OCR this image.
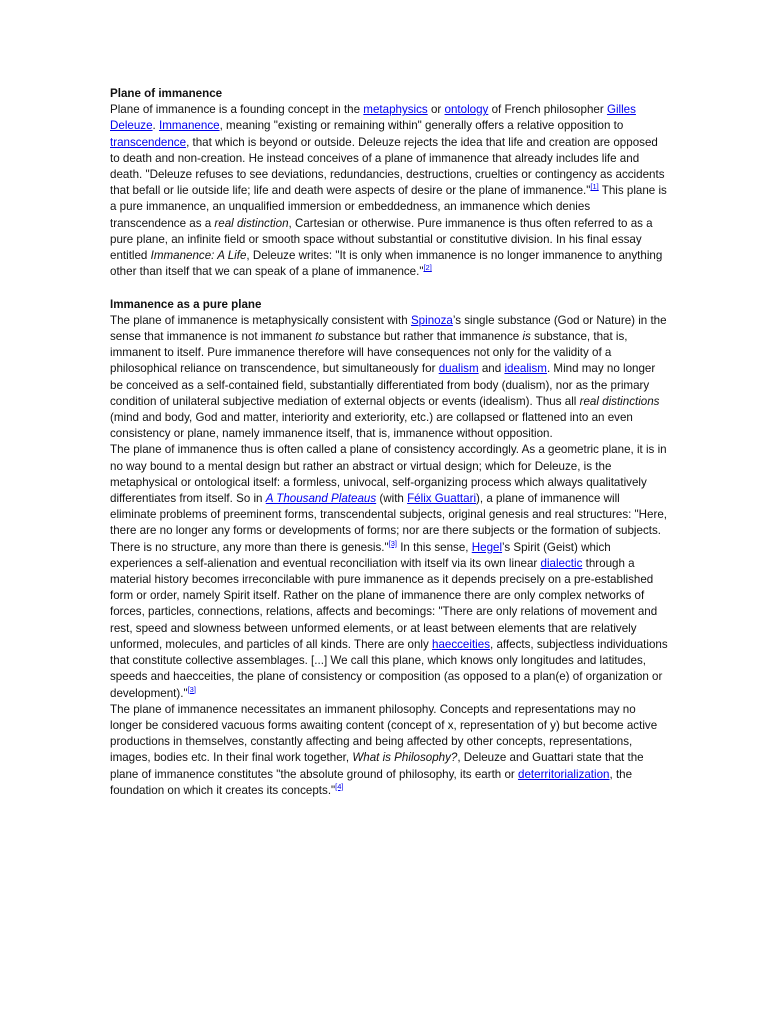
Plane of immanence

Plane of immanence is a founding concept in the metaphysics or ontology of French philosopher Gilles Deleuze. Immanence, meaning "existing or remaining within" generally offers a relative opposition to transcendence, that which is beyond or outside. Deleuze rejects the idea that life and creation are opposed to death and non-creation. He instead conceives of a plane of immanence that already includes life and death. "Deleuze refuses to see deviations, redundancies, destructions, cruelties or contingency as accidents that befall or lie outside life; life and death were aspects of desire or the plane of immanence."[1] This plane is a pure immanence, an unqualified immersion or embeddedness, an immanence which denies transcendence as a real distinction, Cartesian or otherwise. Pure immanence is thus often referred to as a pure plane, an infinite field or smooth space without substantial or constitutive division. In his final essay entitled Immanence: A Life, Deleuze writes: "It is only when immanence is no longer immanence to anything other than itself that we can speak of a plane of immanence."[2]

Immanence as a pure plane

The plane of immanence is metaphysically consistent with Spinoza’s single substance (God or Nature) in the sense that immanence is not immanent to substance but rather that immanence is substance, that is, immanent to itself. Pure immanence therefore will have consequences not only for the validity of a philosophical reliance on transcendence, but simultaneously for dualism and idealism. Mind may no longer be conceived as a self-contained field, substantially differentiated from body (dualism), nor as the primary condition of unilateral subjective mediation of external objects or events (idealism). Thus all real distinctions (mind and body, God and matter, interiority and exteriority, etc.) are collapsed or flattened into an even consistency or plane, namely immanence itself, that is, immanence without opposition.

The plane of immanence thus is often called a plane of consistency accordingly. As a geometric plane, it is in no way bound to a mental design but rather an abstract or virtual design; which for Deleuze, is the metaphysical or ontological itself: a formless, univocal, self-organizing process which always qualitatively differentiates from itself. So in A Thousand Plateaus (with Félix Guattari), a plane of immanence will eliminate problems of preeminent forms, transcendental subjects, original genesis and real structures: "Here, there are no longer any forms or developments of forms; nor are there subjects or the formation of subjects. There is no structure, any more than there is genesis."[3] In this sense, Hegel’s Spirit (Geist) which experiences a self-alienation and eventual reconciliation with itself via its own linear dialectic through a material history becomes irreconcilable with pure immanence as it depends precisely on a pre-established form or order, namely Spirit itself. Rather on the plane of immanence there are only complex networks of forces, particles, connections, relations, affects and becomings: "There are only relations of movement and rest, speed and slowness between unformed elements, or at least between elements that are relatively unformed, molecules, and particles of all kinds. There are only haecceities, affects, subjectless individuations that constitute collective assemblages. [...] We call this plane, which knows only longitudes and latitudes, speeds and haecceities, the plane of consistency or composition (as opposed to a plan(e) of organization or development)."[3]

The plane of immanence necessitates an immanent philosophy. Concepts and representations may no longer be considered vacuous forms awaiting content (concept of x, representation of y) but become active productions in themselves, constantly affecting and being affected by other concepts, representations, images, bodies etc. In their final work together, What is Philosophy?, Deleuze and Guattari state that the plane of immanence constitutes "the absolute ground of philosophy, its earth or deterritorialization, the foundation on which it creates its concepts."[4]
